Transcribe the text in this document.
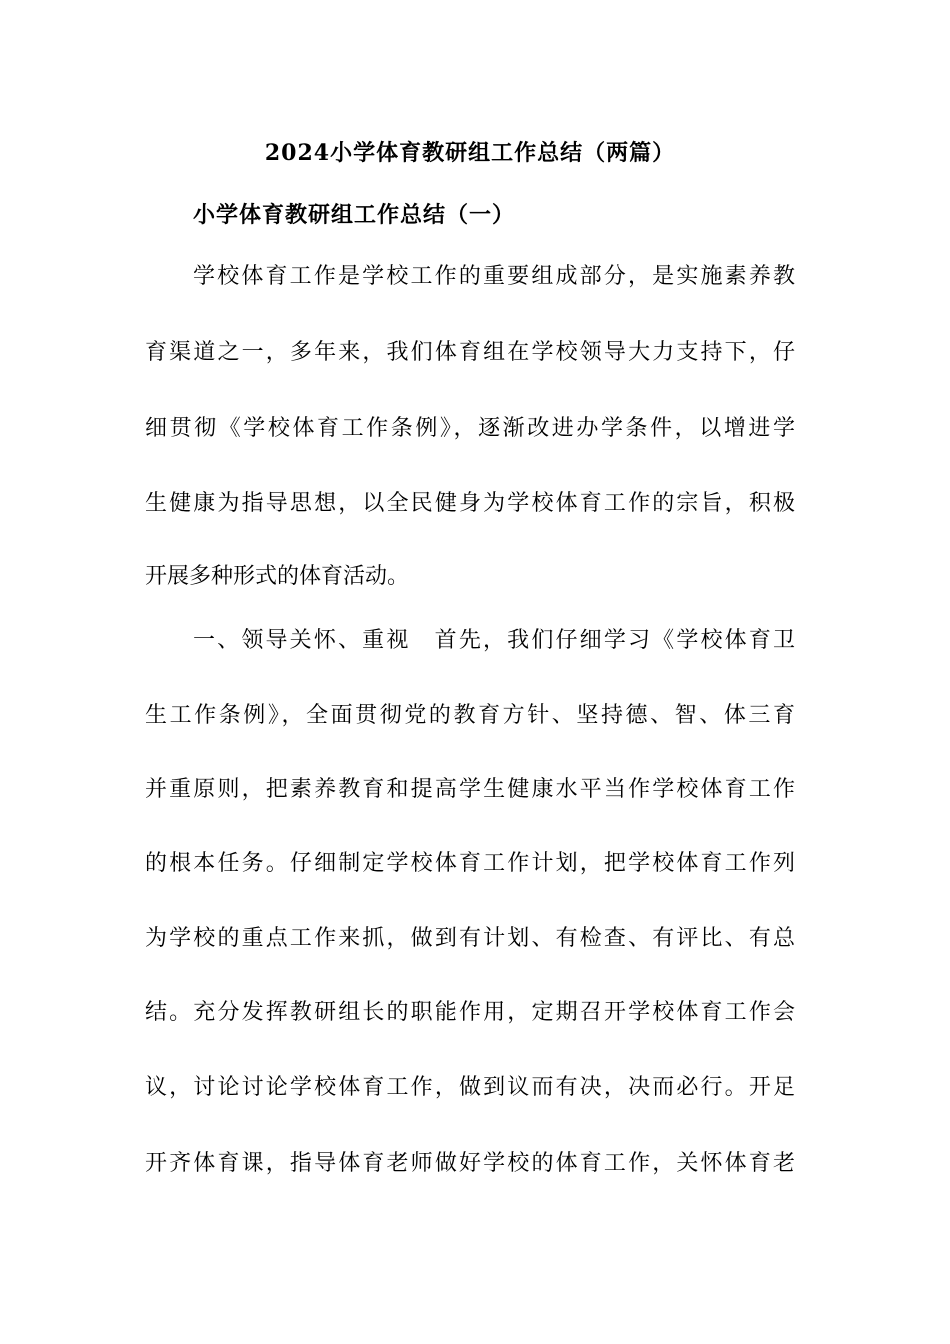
2024小学体育教研组工作总结（两篇）
小学体育教研组工作总结（一）
学校体育工作是学校工作的重要组成部分，是实施素养教
育渠道之一，多年来，我们体育组在学校领导大力支持下，仔
细贯彻《学校体育工作条例》，逐渐改进办学条件，以增进学
生健康为指导思想，以全民健身为学校体育工作的宗旨，积极
开展多种形式的体育活动。
一、领导关怀、重视　首先，我们仔细学习《学校体育卫
生工作条例》，全面贯彻党的教育方针、坚持德、智、体三育
并重原则，把素养教育和提高学生健康水平当作学校体育工作
的根本任务。仔细制定学校体育工作计划，把学校体育工作列
为学校的重点工作来抓，做到有计划、有检查、有评比、有总
结。充分发挥教研组长的职能作用，定期召开学校体育工作会
议，讨论讨论学校体育工作，做到议而有决，决而必行。开足
开齐体育课，指导体育老师做好学校的体育工作，关怀体育老
